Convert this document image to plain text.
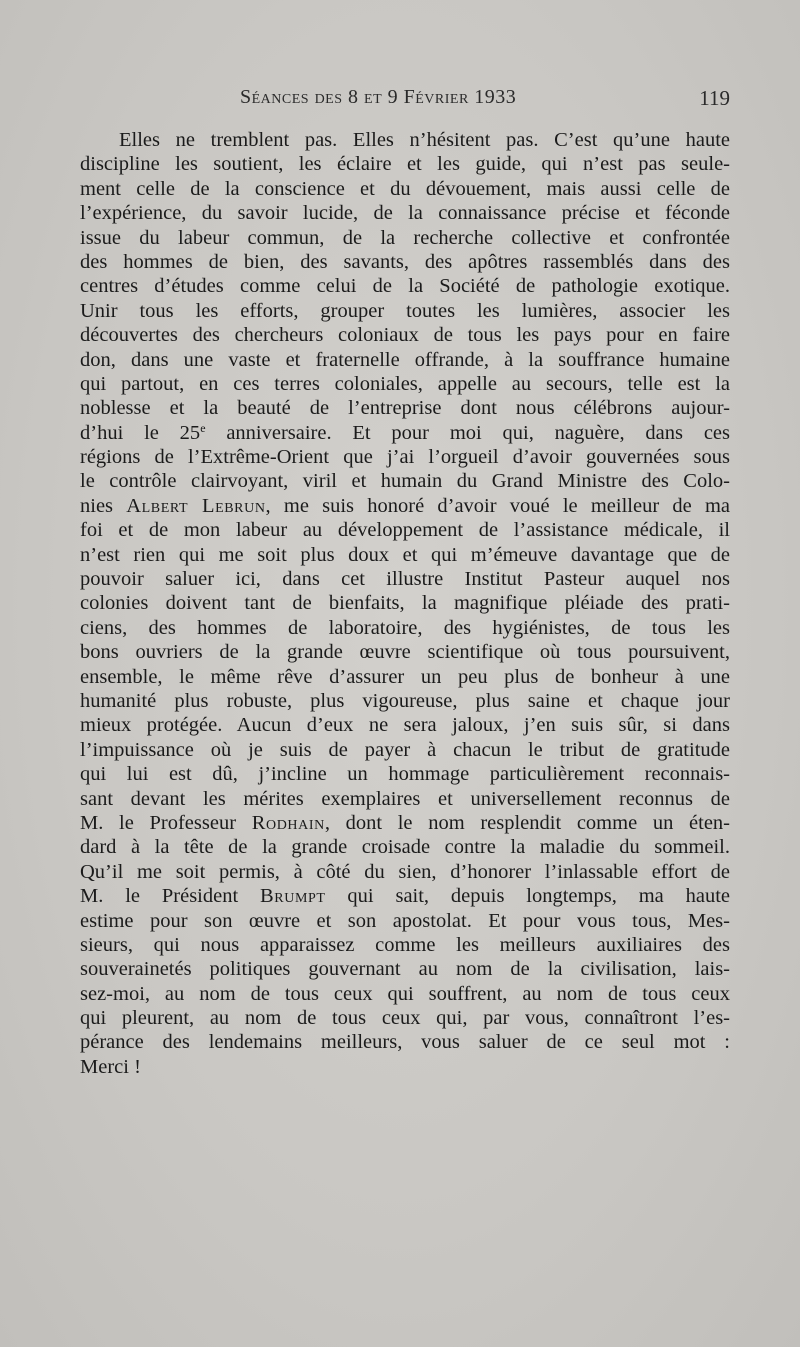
Séances des 8 et 9 Février 1933	119
Elles ne tremblent pas. Elles n’hésitent pas. C’est qu’une haute
discipline les soutient, les éclaire et les guide, qui n’est pas seule-
ment celle de la conscience et du dévouement, mais aussi celle de
l’expérience, du savoir lucide, de la connaissance précise et féconde
issue du labeur commun, de la recherche collective et confrontée
des hommes de bien, des savants, des apôtres rassemblés dans des
centres d’études comme celui de la Société de pathologie exotique.
Unir tous les efforts, grouper toutes les lumières, associer les
découvertes des chercheurs coloniaux de tous les pays pour en faire
don, dans une vaste et fraternelle offrande, à la souffrance humaine
qui partout, en ces terres coloniales, appelle au secours, telle est la
noblesse et la beauté de l’entreprise dont nous célébrons aujour-
d’hui le 25e anniversaire. Et pour moi qui, naguère, dans ces
régions de l’Extrême-Orient que j’ai l’orgueil d’avoir gouvernées sous
le contrôle clairvoyant, viril et humain du Grand Ministre des Colo-
nies Albert Lebrun, me suis honoré d’avoir voué le meilleur de ma
foi et de mon labeur au développement de l’assistance médicale, il
n’est rien qui me soit plus doux et qui m’émeuve davantage que de
pouvoir saluer ici, dans cet illustre Institut Pasteur auquel nos
colonies doivent tant de bienfaits, la magnifique pléiade des prati-
ciens, des hommes de laboratoire, des hygiénistes, de tous les
bons ouvriers de la grande œuvre scientifique où tous poursuivent,
ensemble, le même rêve d’assurer un peu plus de bonheur à une
humanité plus robuste, plus vigoureuse, plus saine et chaque jour
mieux protégée. Aucun d’eux ne sera jaloux, j’en suis sûr, si dans
l’impuissance où je suis de payer à chacun le tribut de gratitude
qui lui est dû, j’incline un hommage particulièrement reconnais-
sant devant les mérites exemplaires et universellement reconnus de
M. le Professeur Rodhain, dont le nom resplendit comme un éten-
dard à la tête de la grande croisade contre la maladie du sommeil.
Qu’il me soit permis, à côté du sien, d’honorer l’inlassable effort de
M. le Président Brumpt qui sait, depuis longtemps, ma haute
estime pour son œuvre et son apostolat. Et pour vous tous, Mes-
sieurs, qui nous apparaissez comme les meilleurs auxiliaires des
souverainetés politiques gouvernant au nom de la civilisation, lais-
sez-moi, au nom de tous ceux qui souffrent, au nom de tous ceux
qui pleurent, au nom de tous ceux qui, par vous, connaîtront l’es-
pérance des lendemains meilleurs, vous saluer de ce seul mot :
Merci !
